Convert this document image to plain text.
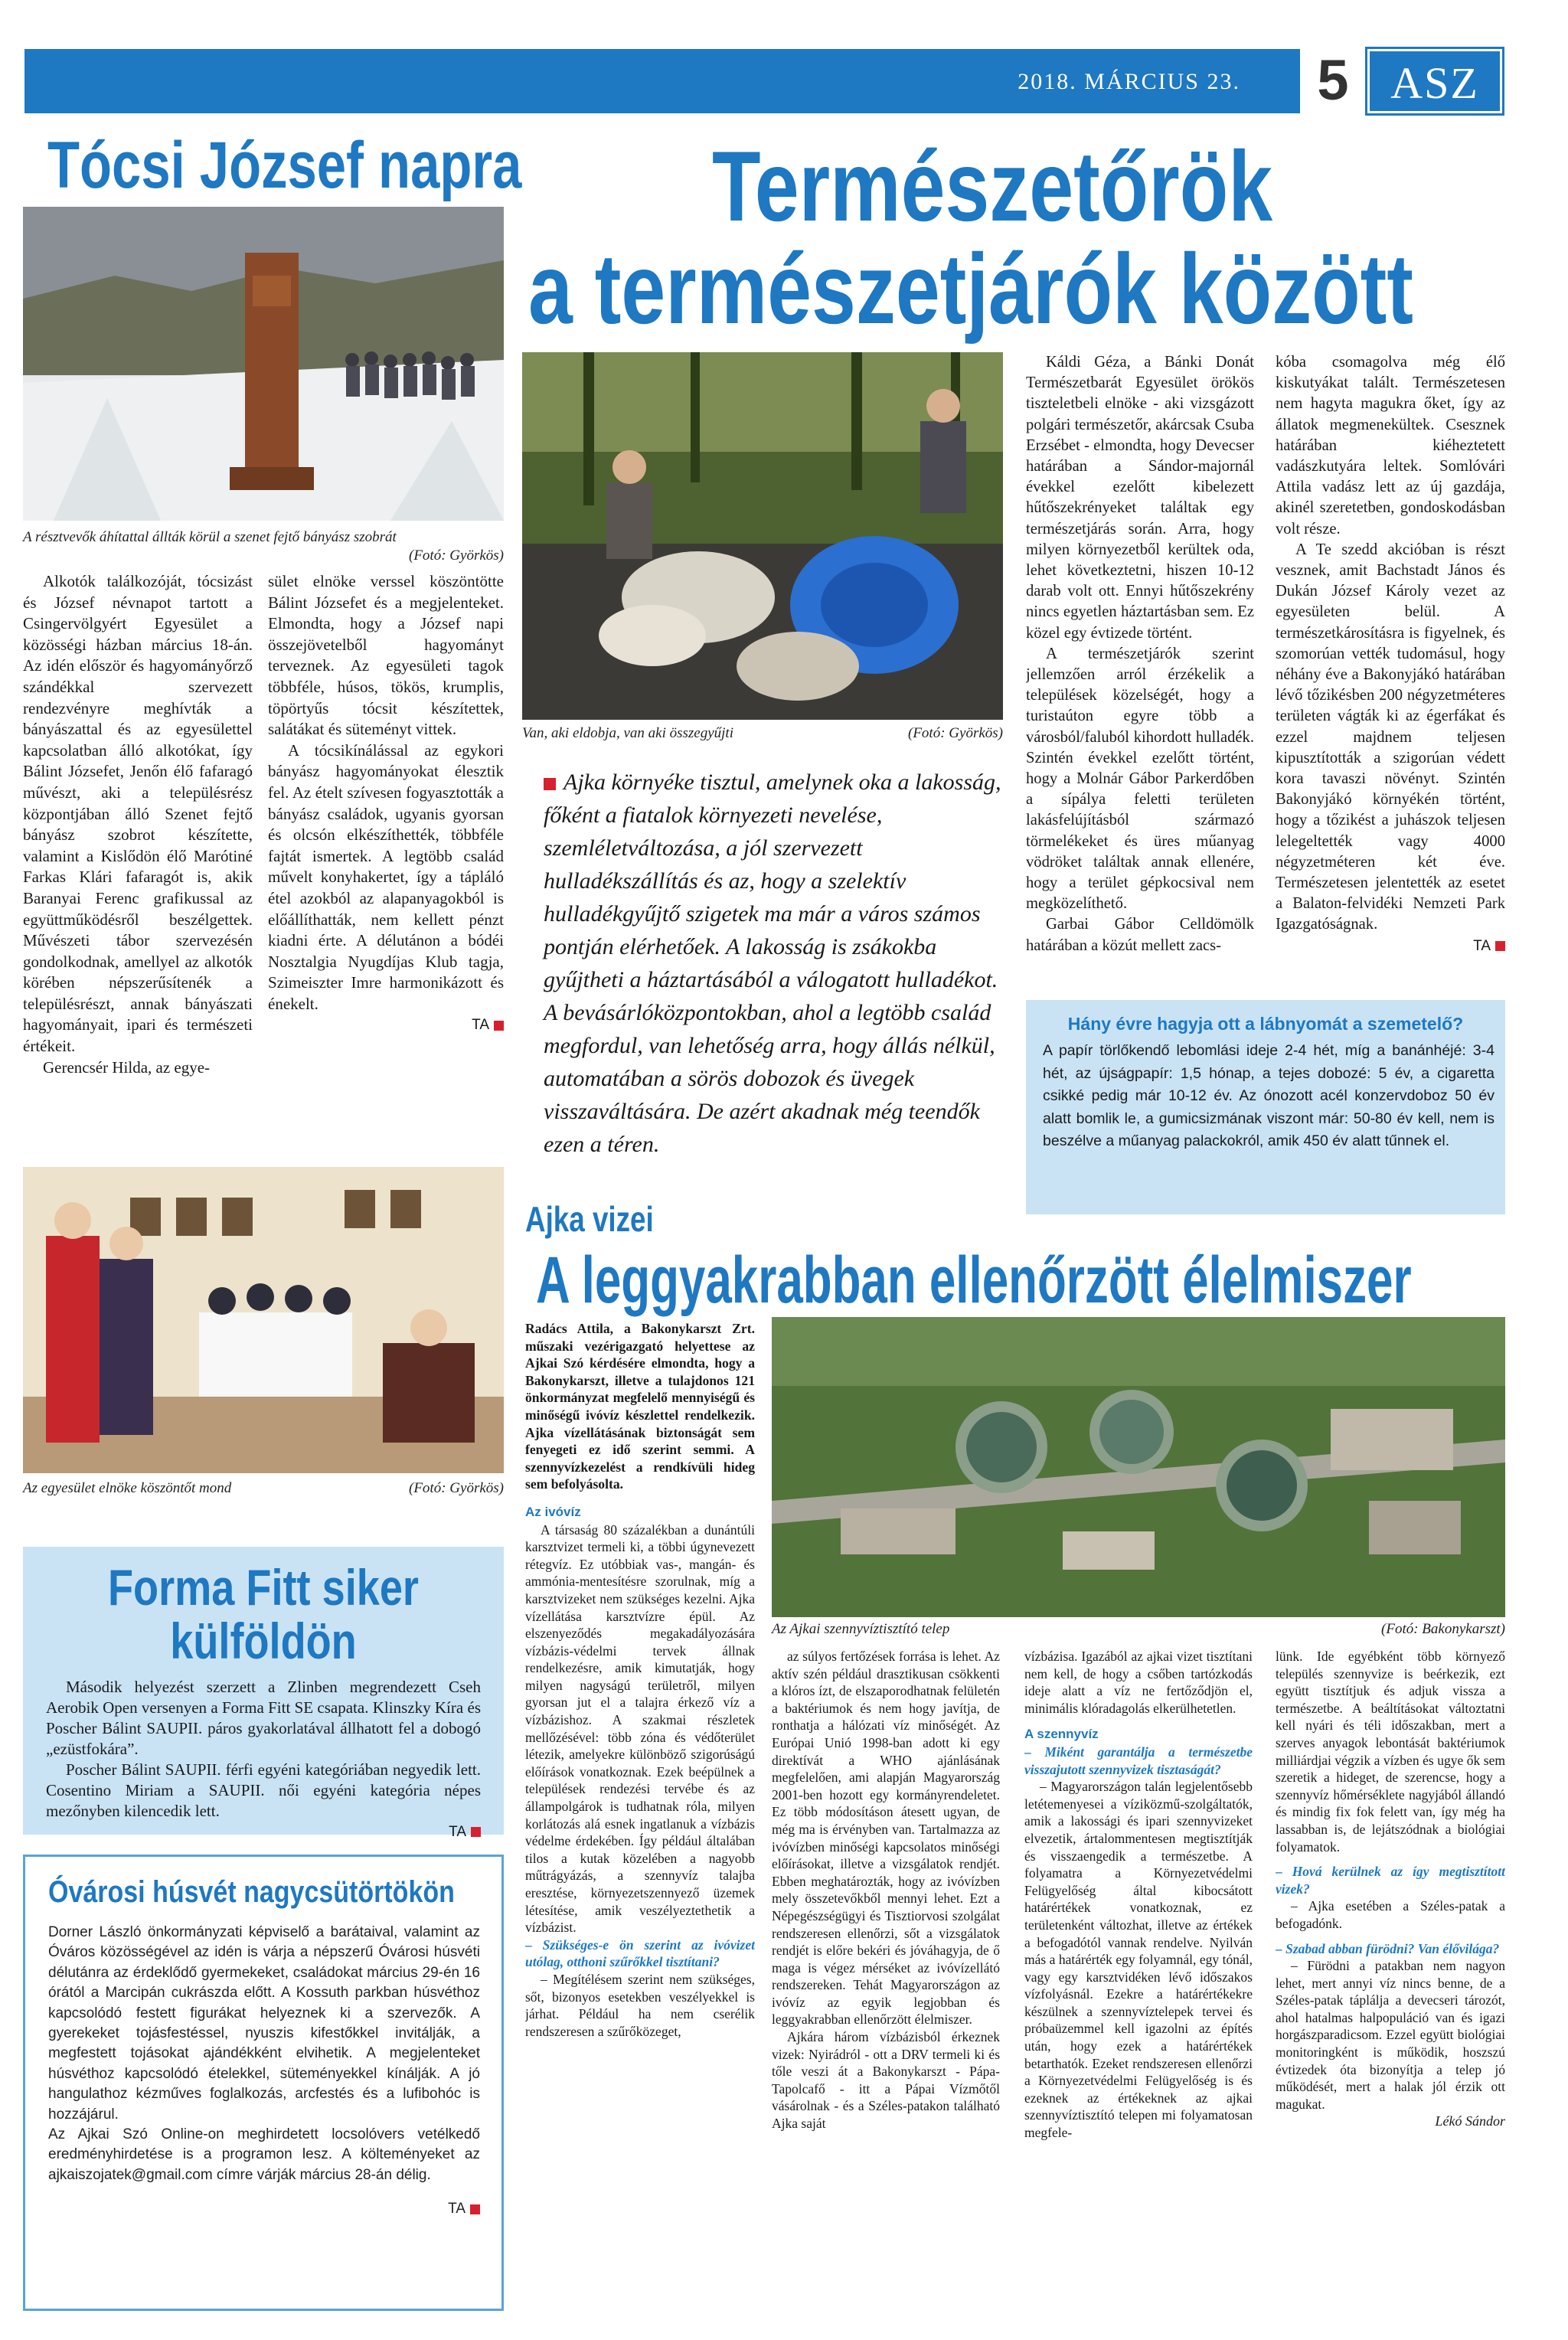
2018. MÁRCIUS 23. 5 ASZ
Tócsi József napra
A résztvevők áhítattal állták körül a szenet fejtő bányász szobrát
(Fotó: Györkös)

Alkotók találkozóját, tócsizást és József névnapot tartott a Csingervölgyért Egyesület a közösségi házban március 18-án. Az idén először és hagyományőrző szándékkal szervezett rendezvényre meghívták a bányászattal és az egyesülettel kapcsolatban álló alkotókat, így Bálint Józsefet, Jenőn élő fafaragó művészt, aki a településrész központjában álló Szenet fejtő bányász szobrot készítette, valamint a Kislődön élő Marótiné Farkas Klári fafaragót is, akik Baranyai Ferenc grafikussal az együttműködésről beszélgettek. Művészeti tábor szervezésén gondolkodnak, amellyel az alkotók körében népszerűsítenék a településrészt, annak bányászati hagyományait, ipari és természeti értékeit.

Gerencsér Hilda, az egye-

sület elnöke verssel köszöntötte Bálint Józsefet és a megjelenteket. Elmondta, hogy a József napi összejövetelből hagyományt terveznek. Az egyesületi tagok többféle, húsos, tökös, krumplis, töpörtyűs tócsit készítettek, salátákat és süteményt vittek.

A tócsikínálással az egykori bányász hagyományokat élesztik fel. Az ételt szívesen fogyasztották a bányász családok, ugyanis gyorsan és olcsón elkészíthették, többféle fajtát ismertek. A legtöbb család művelt konyhakertet, így a tápláló étel azokból az alapanyagokból is előállíthatták, nem kellett pénzt kiadni érte. A délutánon a bódéi Nosztalgia Nyugdíjas Klub tagja, Szimeiszter Imre harmonikázott és énekelt.

TA
Az egyesület elnöke köszöntőt mond	(Fotó: Györkös)
Forma Fitt siker
külföldön

Második helyezést szerzett a Zlinben megrendezett Cseh Aerobik Open versenyen a Forma Fitt SE csapata. Klinszky Kíra és Poscher Bálint SAUPII. páros gyakorlatával állhatott fel a dobogó „ezüstfokára”.

Poscher Bálint SAUPII. férfi egyéni kategóriában negyedik lett. Cosentino Miriam a SAUPII. női egyéni kategória népes mezőnyben kilencedik lett.

TA
Óvárosi húsvét nagycsütörtökön

Dorner László önkormányzati képviselő a barátaival, valamint az Óváros közösségével az idén is várja a népszerű Óvárosi húsvéti délutánra az érdeklődő gyermekeket, családokat március 29-én 16 órától a Marcipán cukrászda előtt. A Kossuth parkban húsvéthoz kapcsolódó festett figurákat helyeznek ki a szervezők. A gyerekeket tojásfestéssel, nyuszis kifestőkkel invitálják, a megfestett tojásokat ajándékként elvihetik. A megjelenteket húsvéthoz kapcsolódó ételekkel, süteményekkel kínálják. A jó hangulathoz kézműves foglalkozás, arcfestés és a lufibohóc is hozzájárul.

Az Ajkai Szó Online-on meghirdetett locsolóvers vetélkedő eredményhirdetése is a programon lesz. A költeményeket az ajkaiszojatek@gmail.com címre várják március 28-án délig.

TA
Természetőrök
a természetjárók között
Van, aki eldobja, van aki összegyűjti	(Fotó: Györkös)
Ajka környéke tisztul, amelynek oka a lakosság, főként a fiatalok környezeti nevelése, szemléletváltozása, a jól szervezett hulladékszállítás és az, hogy a szelektív hulladékgyűjtő szigetek ma már a város számos pontján elérhetőek. A lakosság is zsákokba gyűjtheti a háztartásából a válogatott hulladékot. A bevásárlóközpontokban, ahol a legtöbb család megfordul, van lehetőség arra, hogy állás nélkül, automatában a sörös dobozok és üvegek visszaváltására. De azért akadnak még teendők ezen a téren.

Káldi Géza, a Bánki Donát Természetbarát Egyesület örökös tiszteletbeli elnöke - aki vizsgázott polgári természetőr, akárcsak Csuba Erzsébet - elmondta, hogy Devecser határában a Sándor-majornál évekkel ezelőtt kibelezett hűtőszekrényeket találtak egy természetjárás során. Arra, hogy milyen környezetből kerültek oda, lehet következtetni, hiszen 10-12 darab volt ott. Ennyi hűtőszekrény nincs egyetlen háztartásban sem. Ez közel egy évtizede történt.

A természetjárók szerint jellemzően arról érzékelik a települések közelségét, hogy a turistaúton egyre több a városból/faluból kihordott hulladék. Szintén évekkel ezelőtt történt, hogy a Molnár Gábor Parkerdőben a sípálya feletti területen lakásfelújításból származó törmelékeket és üres műanyag vödröket találtak annak ellenére, hogy a terület gépkocsival nem megközelíthető.

Garbai Gábor Celldömölk határában a közút mellett zacs-

kóba csomagolva még élő kiskutyákat talált. Természetesen nem hagyta magukra őket, így az állatok megmenekültek. Csesznek határában kiéheztetett vadászkutyára leltek. Somlóvári Attila vadász lett az új gazdája, akinél szeretetben, gondoskodásban volt része.

A Te szedd akcióban is részt vesznek, amit Bachstadt János és Dukán József Károly vezet az egyesületen belül. A természetkárosításra is figyelnek, és szomorúan vették tudomásul, hogy néhány éve a Bakonyjákó határában lévő tőzikésben 200 négyzetméteres területen vágták ki az égerfákat és ezzel majdnem teljesen kipusztították a szigorúan védett kora tavaszi növényt. Szintén Bakonyjákó környékén történt, hogy a tőzikést a juhászok teljesen lelegeltették vagy 4000 négyzetméteren két éve. Természetesen jelentették az esetet a Balaton-felvidéki Nemzeti Park Igazgatóságnak.

TA
Hány évre hagyja ott a lábnyomát a szemetelő?
A papír törlőkendő lebomlási ideje 2-4 hét, míg a banánhéjé: 3-4 hét, az újságpapír: 1,5 hónap, a tejes dobozé: 5 év, a cigaretta csikké pedig már 10-12 év. Az ónozott acél konzervdoboz 50 év alatt bomlik le, a gumicsizmának viszont már: 50-80 év kell, nem is beszélve a műanyag palackokról, amik 450 év alatt tűnnek el.
Ajka vizei
A leggyakrabban ellenőrzött élelmiszer

Radács Attila, a Bakonykarszt Zrt. műszaki vezérigazgató helyettese az Ajkai Szó kérdésére elmondta, hogy a Bakonykarszt, illetve a tulajdonos 121 önkormányzat megfelelő mennyiségű és minőségű ivóvíz készlettel rendelkezik. Ajka vízellátásának biztonságát sem fenyegeti ez idő szerint semmi. A szennyvízkezelést a rendkívüli hideg sem befolyásolta.

Az ivóvíz

A társaság 80 százalékban a dunántúli karsztvizet termeli ki, a többi úgynevezett rétegvíz. Ez utóbbiak vas-, mangán- és ammónia-mentesítésre szorulnak, míg a karsztvizeket nem szükséges kezelni. Ajka vízellátása karsztvízre épül. Az elszenyeződés megakadályozására vízbázis-védelmi tervek állnak rendelkezésre, amik kimutatják, hogy milyen nagyságú területről, milyen gyorsan jut el a talajra érkező víz a vízbázishoz. A szakmai részletek mellőzésével: több zóna és védőterület létezik, amelyekre különböző szigorúságú előírások vonatkoznak. Ezek beépülnek a települések rendezési tervébe és az állampolgárok is tudhatnak róla, milyen korlátozás alá esnek ingatlanuk a vízbázis védelme érdekében. Így például általában tilos a kutak közelében a nagyobb műtrágyázás, a szennyvíz talajba eresztése, környezetszennyező üzemek létesítése, amik veszélyeztethetik a vízbázist.

– Szükséges-e ön szerint az ivóvizet utólag, otthoni szűrőkkel tisztítani?

– Megítélésem szerint nem szükséges, sőt, bizonyos esetekben veszélyekkel is járhat. Például ha nem cserélik rendszeresen a szűrőközeget,

Az Ajkai szennyvíztisztító telep	(Fotó: Bakonykarszt)

az súlyos fertőzések forrása is lehet. Az aktív szén például drasztikusan csökkenti a klóros ízt, de elszaporodhatnak felületén a baktériumok és nem hogy javítja, de ronthatja a hálózati víz minőségét. Az Európai Unió 1998-ban adott ki egy direktívát a WHO ajánlásának megfelelően, ami alapján Magyarország 2001-ben hozott egy kormányrendeletet. Ez több módosításon átesett ugyan, de még ma is érvényben van. Tartalmazza az ivóvízben minőségi kapcsolatos minőségi előírásokat, illetve a vizsgálatok rendjét. Ebben meghatározták, hogy az ivóvízben mely összetevőkből mennyi lehet. Ezt a Népegészségügyi és Tisztiorvosi szolgálat rendszeresen ellenőrzi, sőt a vizsgálatok rendjét is előre bekéri és jóváhagyja, de ő maga is végez mérséket az ivóvízellátó rendszereken. Tehát Magyarországon az ivóvíz az egyik legjobban és leggyakrabban ellenőrzött élelmiszer.

Ajkára három vízbázisból érkeznek vizek: Nyirádról - ott a DRV termeli ki és tőle veszi át a Bakonykarszt - Pápa-Tapolcafő - itt a Pápai Vízmőtől vásárolnak - és a Széles-patakon található Ajka saját

vízbázisa. Igazából az ajkai vizet tisztítani nem kell, de hogy a csőben tartózkodás ideje alatt a víz ne fertőződjön el, minimális klóradagolás elkerülhetetlen.

A szennyvíz

– Miként garantálja a természetbe visszajutott szennyvizek tisztaságát?

– Magyarországon talán legjelentősebb letétemenyesei a víziközmű-szolgáltatók, amik a lakossági és ipari szennyvizeket elvezetik, ártalommentesen megtisztítják és visszaengedik a természetbe. A folyamatra a Környezetvédelmi Felügyelőség által kibocsátott határértékek vonatkoznak, ez területenként változhat, illetve az értékek a befogadótól vannak rendelve. Nyilván más a határérték egy folyamnál, egy tónál, vagy egy karsztvidéken lévő időszakos vízfolyásnál. Ezekre a határértékekre készülnek a szennyvíztelepek tervei és próbaüzemmel kell igazolni az építés után, hogy ezek a határértékek betarthatók. Ezeket rendszeresen ellenőrzi a Környezetvédelmi Felügyelőség is és ezeknek az értékeknek az ajkai szennyvíztisztító telepen mi folyamatosan megfele-

lünk. Ide egyébként több környező település szennyvize is beérkezik, ezt együtt tisztítjuk és adjuk vissza a természetbe. A beáltításokat változtatni kell nyári és téli időszakban, mert a szerves anyagok lebontását baktériumok milliárdjai végzik a vízben és ugye ők sem szeretik a hideget, de szerencse, hogy a szennyvíz hőmérséklete nagyjából állandó és mindig fix fok felett van, így még ha lassabban is, de lejátszódnak a biológiai folyamatok.

– Hová kerülnek az így megtisztított vizek?

– Ajka esetében a Széles-patak a befogadónk.

– Szabad abban fürödni? Van élővilága?

– Fürödni a patakban nem nagyon lehet, mert annyi víz nincs benne, de a Széles-patak táplálja a devecseri tározót, ahol hatalmas halpopuláció van és igazi horgászparadicsom. Ezzel együtt biológiai monitoringként is működik, hoszszú évtizedek óta bizonyítja a telep jó működését, mert a halak jól érzik ott magukat.

Lékó Sándor
